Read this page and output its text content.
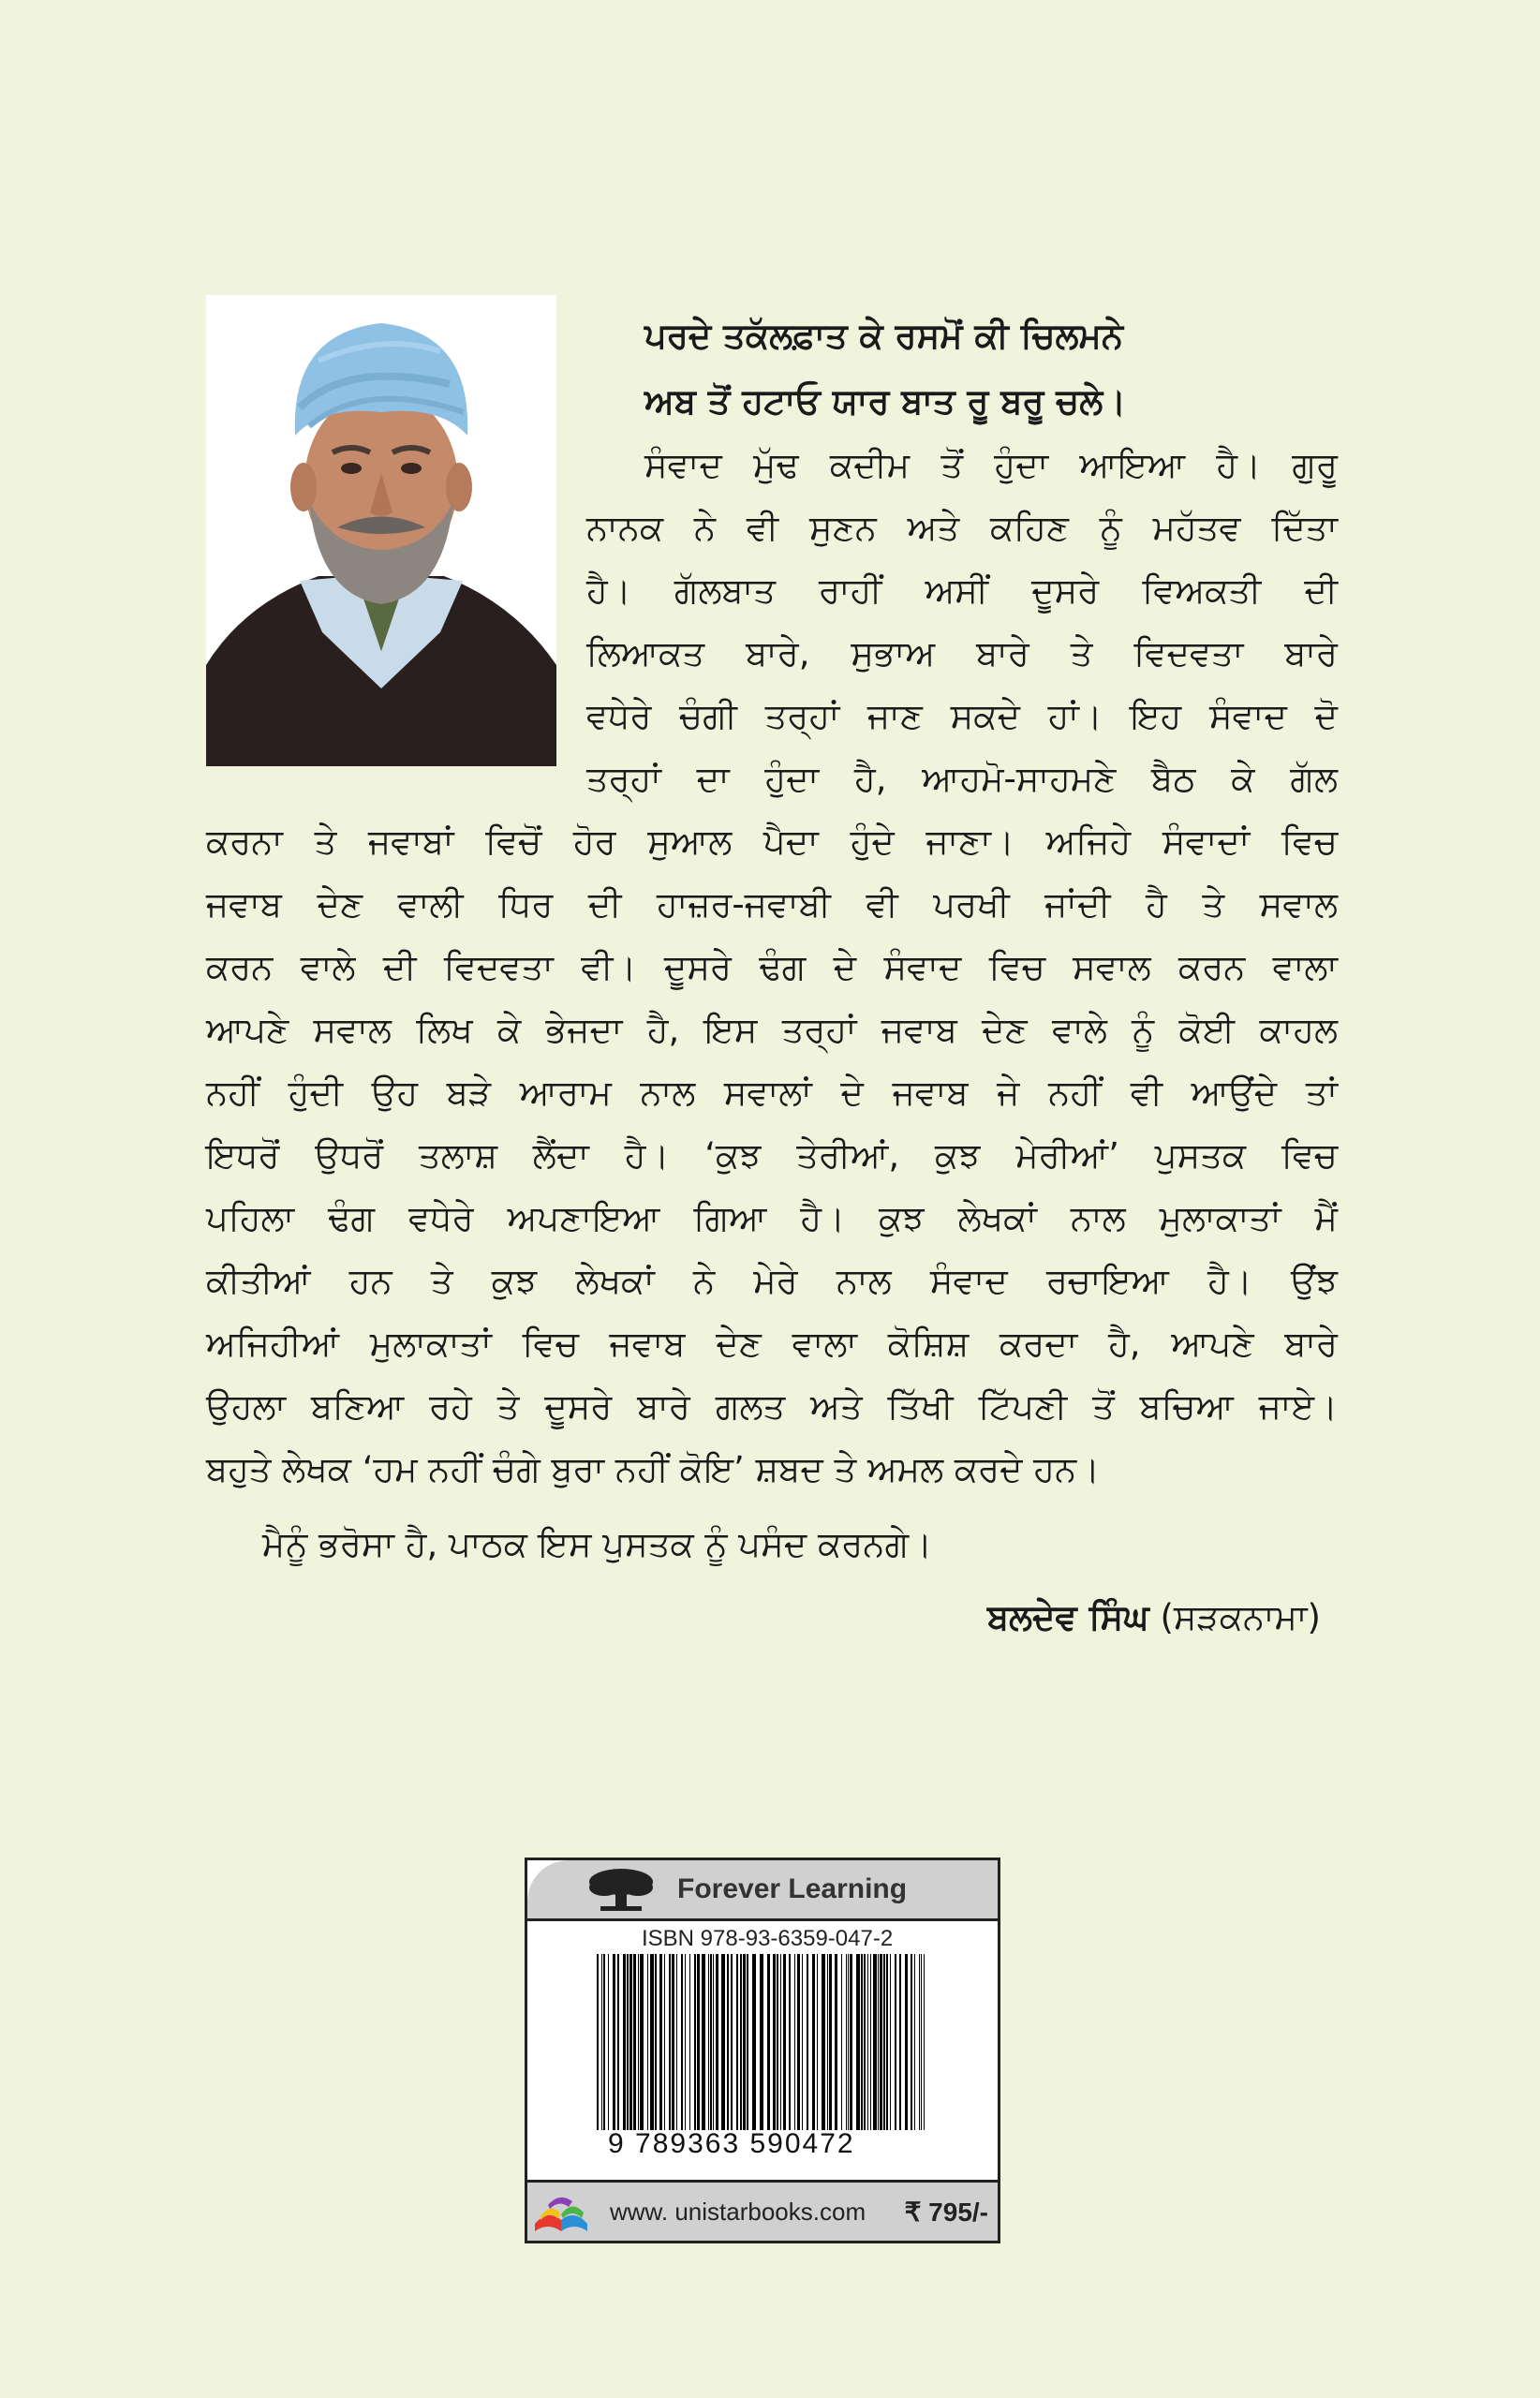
ਪਰਦੇ ਤਕੱਲਫ਼ਾਤ ਕੇ ਰਸਮੋਂ ਕੀ ਚਿਲਮਨੇ
ਅਬ ਤੋਂ ਹਟਾਓ ਯਾਰ ਬਾਤ ਰੂ ਬਰੂ ਚਲੇ।
ਸੰਵਾਦ ਮੁੱਢ ਕਦੀਮ ਤੋਂ ਹੁੰਦਾ ਆਇਆ ਹੈ। ਗੁਰੂ
ਨਾਨਕ ਨੇ ਵੀ ਸੁਣਨ ਅਤੇ ਕਹਿਣ ਨੂੰ ਮਹੱਤਵ ਦਿੱਤਾ
ਹੈ। ਗੱਲਬਾਤ ਰਾਹੀਂ ਅਸੀਂ ਦੂਸਰੇ ਵਿਅਕਤੀ ਦੀ
ਲਿਆਕਤ ਬਾਰੇ, ਸੁਭਾਅ ਬਾਰੇ ਤੇ ਵਿਦਵਤਾ ਬਾਰੇ
ਵਧੇਰੇ ਚੰਗੀ ਤਰ੍ਹਾਂ ਜਾਣ ਸਕਦੇ ਹਾਂ। ਇਹ ਸੰਵਾਦ ਦੋ
ਤਰ੍ਹਾਂ ਦਾ ਹੁੰਦਾ ਹੈ, ਆਹਮੋ-ਸਾਹਮਣੇ ਬੈਠ ਕੇ ਗੱਲ
ਕਰਨਾ ਤੇ ਜਵਾਬਾਂ ਵਿਚੋਂ ਹੋਰ ਸੁਆਲ ਪੈਦਾ ਹੁੰਦੇ ਜਾਣਾ। ਅਜਿਹੇ ਸੰਵਾਦਾਂ ਵਿਚ
ਜਵਾਬ ਦੇਣ ਵਾਲੀ ਧਿਰ ਦੀ ਹਾਜ਼ਰ-ਜਵਾਬੀ ਵੀ ਪਰਖੀ ਜਾਂਦੀ ਹੈ ਤੇ ਸਵਾਲ
ਕਰਨ ਵਾਲੇ ਦੀ ਵਿਦਵਤਾ ਵੀ। ਦੂਸਰੇ ਢੰਗ ਦੇ ਸੰਵਾਦ ਵਿਚ ਸਵਾਲ ਕਰਨ ਵਾਲਾ
ਆਪਣੇ ਸਵਾਲ ਲਿਖ ਕੇ ਭੇਜਦਾ ਹੈ, ਇਸ ਤਰ੍ਹਾਂ ਜਵਾਬ ਦੇਣ ਵਾਲੇ ਨੂੰ ਕੋਈ ਕਾਹਲ
ਨਹੀਂ ਹੁੰਦੀ ਉਹ ਬੜੇ ਆਰਾਮ ਨਾਲ ਸਵਾਲਾਂ ਦੇ ਜਵਾਬ ਜੇ ਨਹੀਂ ਵੀ ਆਉਂਦੇ ਤਾਂ
ਇਧਰੋਂ ਉਧਰੋਂ ਤਲਾਸ਼ ਲੈਂਦਾ ਹੈ। ‘ਕੁਝ ਤੇਰੀਆਂ, ਕੁਝ ਮੇਰੀਆਂ’ ਪੁਸਤਕ ਵਿਚ
ਪਹਿਲਾ ਢੰਗ ਵਧੇਰੇ ਅਪਣਾਇਆ ਗਿਆ ਹੈ। ਕੁਝ ਲੇਖਕਾਂ ਨਾਲ ਮੁਲਾਕਾਤਾਂ ਮੈਂ
ਕੀਤੀਆਂ ਹਨ ਤੇ ਕੁਝ ਲੇਖਕਾਂ ਨੇ ਮੇਰੇ ਨਾਲ ਸੰਵਾਦ ਰਚਾਇਆ ਹੈ। ਉਂਝ
ਅਜਿਹੀਆਂ ਮੁਲਾਕਾਤਾਂ ਵਿਚ ਜਵਾਬ ਦੇਣ ਵਾਲਾ ਕੋਸ਼ਿਸ਼ ਕਰਦਾ ਹੈ, ਆਪਣੇ ਬਾਰੇ
ਉਹਲਾ ਬਣਿਆ ਰਹੇ ਤੇ ਦੂਸਰੇ ਬਾਰੇ ਗਲਤ ਅਤੇ ਤਿੱਖੀ ਟਿੱਪਣੀ ਤੋਂ ਬਚਿਆ ਜਾਏ।
ਬਹੁਤੇ ਲੇਖਕ ‘ਹਮ ਨਹੀਂ ਚੰਗੇ ਬੁਰਾ ਨਹੀਂ ਕੋਇ’ ਸ਼ਬਦ ਤੇ ਅਮਲ ਕਰਦੇ ਹਨ।
ਮੈਨੂੰ ਭਰੋਸਾ ਹੈ, ਪਾਠਕ ਇਸ ਪੁਸਤਕ ਨੂੰ ਪਸੰਦ ਕਰਨਗੇ।
ਬਲਦੇਵ ਸਿੰਘ (ਸੜਕਨਾਮਾ)
Forever Learning
ISBN 978-93-6359-047-2
9 789363 590472
www. unistarbooks.com ₹ 795/-
